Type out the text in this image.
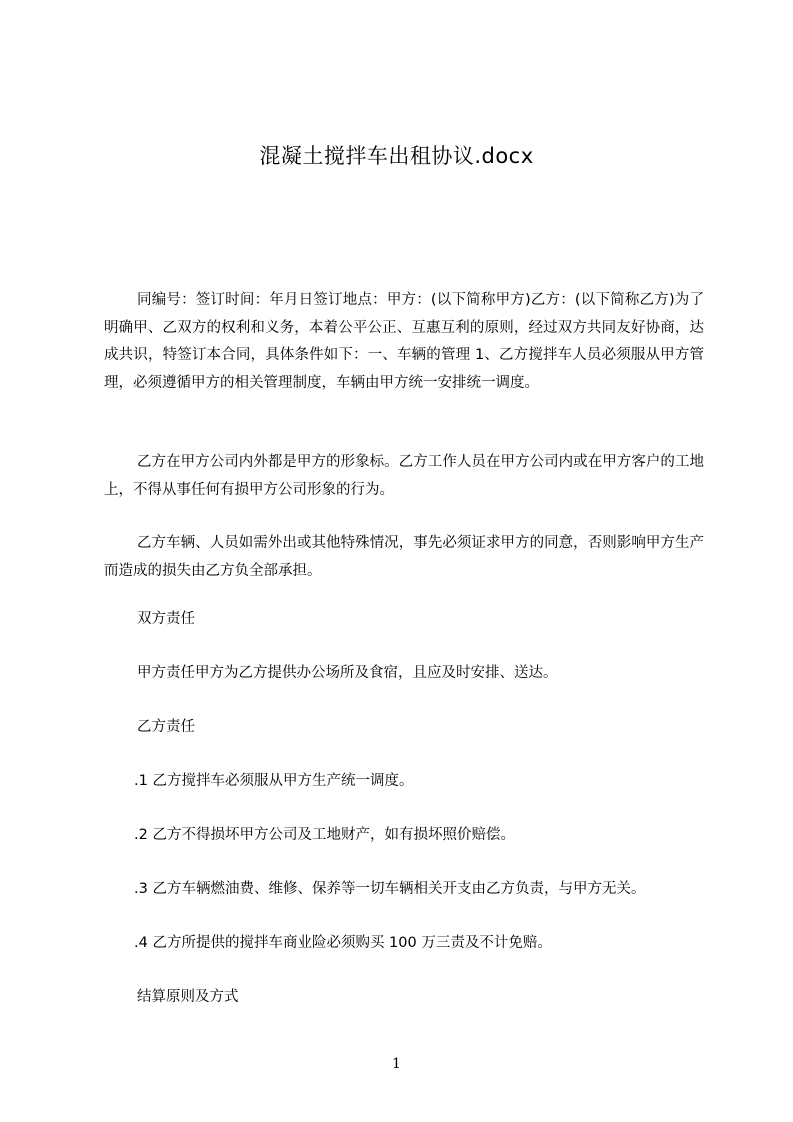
混凝土搅拌车出租协议.docx

同编号：签订时间：年月日签订地点：甲方：(以下简称甲方)乙方：(以下简称乙方)为了明确甲、乙双方的权利和义务，本着公平公正、互惠互利的原则，经过双方共同友好协商，达成共识，特签订本合同，具体条件如下：一、车辆的管理 1、乙方搅拌车人员必须服从甲方管理，必须遵循甲方的相关管理制度，车辆由甲方统一安排统一调度。

乙方在甲方公司内外都是甲方的形象标。乙方工作人员在甲方公司内或在甲方客户的工地上，不得从事任何有损甲方公司形象的行为。

乙方车辆、人员如需外出或其他特殊情况，事先必须证求甲方的同意，否则影响甲方生产而造成的损失由乙方负全部承担。

双方责任

甲方责任甲方为乙方提供办公场所及食宿，且应及时安排、送达。

乙方责任

.1 乙方搅拌车必须服从甲方生产统一调度。

.2 乙方不得损坏甲方公司及工地财产，如有损坏照价赔偿。

.3 乙方车辆燃油费、维修、保养等一切车辆相关开支由乙方负责，与甲方无关。

.4 乙方所提供的搅拌车商业险必须购买 100 万三责及不计免赔。

结算原则及方式

1
